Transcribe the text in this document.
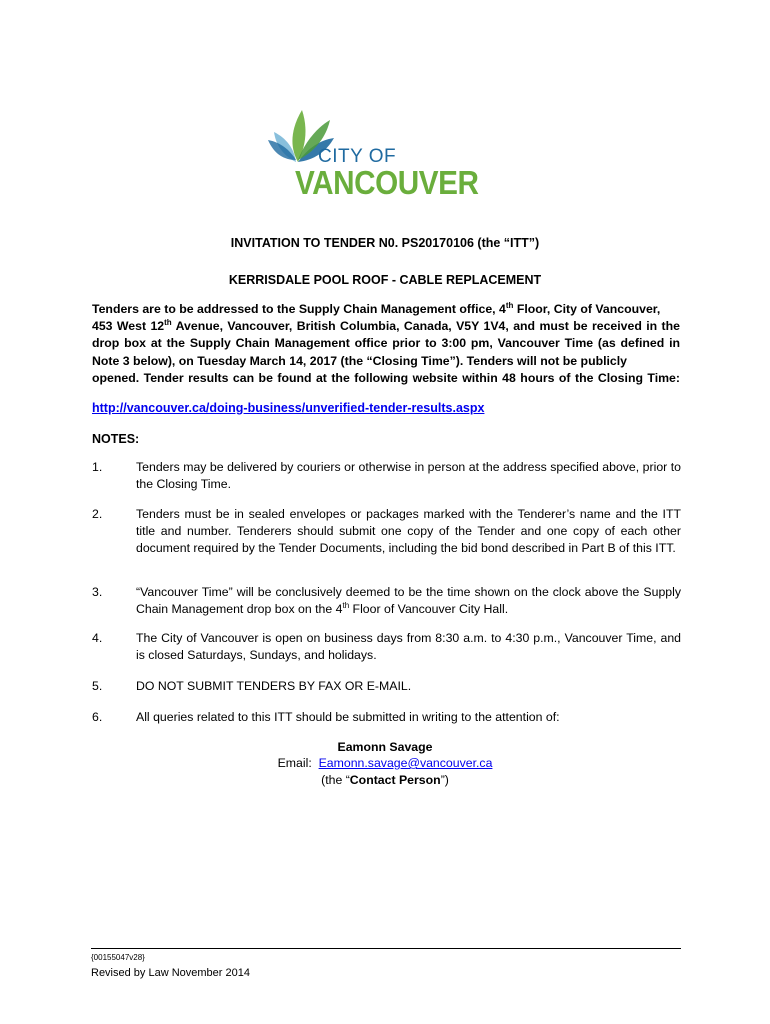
CITY OF
VANCOUVER
INVITATION TO TENDER N0. PS20170106 (the “ITT”)
KERRISDALE POOL ROOF - CABLE REPLACEMENT
Tenders are to be addressed to the Supply Chain Management office, 4th Floor, City of Vancouver,
453 West 12th Avenue, Vancouver, British Columbia, Canada, V5Y 1V4, and must be received in the drop box at the Supply Chain Management office prior to 3:00 pm, Vancouver Time (as defined in Note 3 below), on Tuesday March 14, 2017 (the “Closing Time”). Tenders will not be publicly
opened. Tender results can be found at the following website within 48 hours of the Closing Time:
http://vancouver.ca/doing-business/unverified-tender-results.aspx
NOTES:
1.	Tenders may be delivered by couriers or otherwise in person at the address specified above, prior to the Closing Time.
2.	Tenders must be in sealed envelopes or packages marked with the Tenderer’s name and the ITT title and number. Tenderers should submit one copy of the Tender and one copy of each other document required by the Tender Documents, including the bid bond described in Part B of this ITT.
3.	“Vancouver Time” will be conclusively deemed to be the time shown on the clock above the Supply Chain Management drop box on the 4th Floor of Vancouver City Hall.
4.	The City of Vancouver is open on business days from 8:30 a.m. to 4:30 p.m., Vancouver Time, and is closed Saturdays, Sundays, and holidays.
5.	DO NOT SUBMIT TENDERS BY FAX OR E-MAIL.
6.	All queries related to this ITT should be submitted in writing to the attention of:
Eamonn Savage
Email: Eamonn.savage@vancouver.ca
(the “Contact Person”)
{00155047v28}
Revised by Law November 2014
